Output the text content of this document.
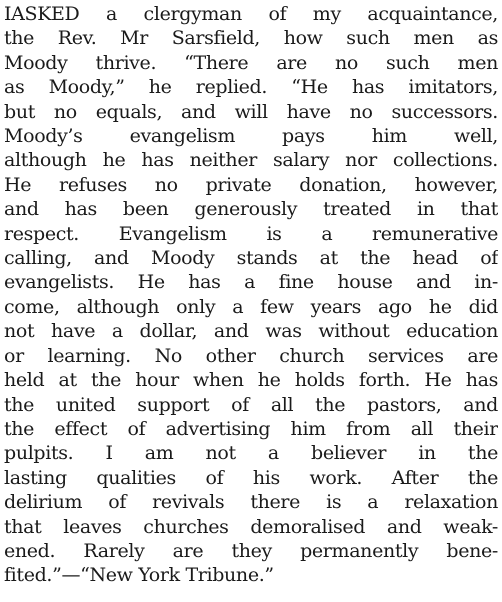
IASKED a clergyman of my acquaintance,
the Rev. Mr Sarsfield, how such men as
Moody thrive. “There are no such men
as Moody,” he replied. “He has imitators,
but no equals, and will have no successors.
Moody’s evangelism pays him well,
although he has neither salary nor collections.
He refuses no private donation, however,
and has been generously treated in that
respect. Evangelism is a remunerative
calling, and Moody stands at the head of
evangelists. He has a fine house and in-
come, although only a few years ago he did
not have a dollar, and was without education
or learning. No other church services are
held at the hour when he holds forth. He has
the united support of all the pastors, and
the effect of advertising him from all their
pulpits. I am not a believer in the
lasting qualities of his work. After the
delirium of revivals there is a relaxation
that leaves churches demoralised and weak-
ened. Rarely are they permanently bene-
fited.”—“New York Tribune.”
